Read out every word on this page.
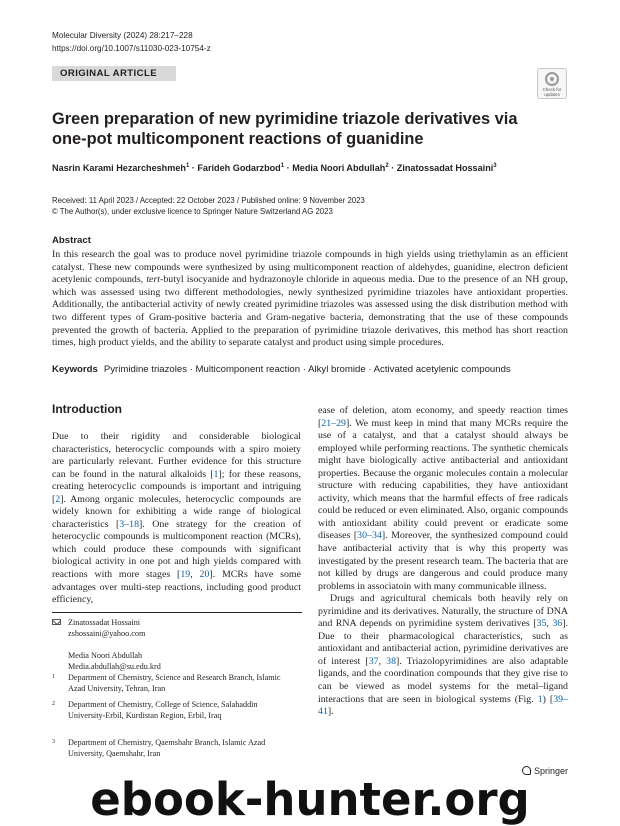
Molecular Diversity (2024) 28:217–228
https://doi.org/10.1007/s11030-023-10754-z
ORIGINAL ARTICLE
Check for
updates
Green preparation of new pyrimidine triazole derivatives via one-pot multicomponent reactions of guanidine
Nasrin Karami Hezarcheshmeh$^1$ · Farideh Godarzbod$^1$ · Media Noori Abdullah$^2$ · Zinatossadat Hossaini$^3$
Received: 11 April 2023 / Accepted: 22 October 2023 / Published online: 9 November 2023
© The Author(s), under exclusive licence to Springer Nature Switzerland AG 2023
Abstract
In this research the goal was to produce novel pyrimidine triazole compounds in high yields using triethylamin as an efficient catalyst. These new compounds were synthesized by using multicomponent reaction of aldehydes, guanidine, electron deficient acetylenic compounds, tert-butyl isocyanide and hydrazonoyle chloride in aqueous media. Due to the presence of an NH group, which was assessed using two different methodologies, newly synthesized pyrimidine triazoles have antioxidant properties. Additionally, the antibacterial activity of newly created pyrimidine triazoles was assessed using the disk distribution method with two different types of Gram-positive bacteria and Gram-negative bacteria, demonstrating that the use of these compounds prevented the growth of bacteria. Applied to the preparation of pyrimidine triazole derivatives, this method has short reaction times, high product yields, and the ability to separate catalyst and product using simple procedures.
Keywords Pyrimidine triazoles · Multicomponent reaction · Alkyl bromide · Activated acetylenic compounds
Introduction

Due to their rigidity and considerable biological characteristics, heterocyclic compounds with a spiro moiety are particularly relevant. Further evidence for this structure can be found in the natural alkaloids [1]; for these reasons, creating heterocyclic compounds is important and intriguing [2]. Among organic molecules, heterocyclic compounds are widely known for exhibiting a wide range of biological characteristics [3–18]. One strategy for the creation of heterocyclic compounds is multicomponent reaction (MCRs), which could produce these compounds with significant biological activity in one pot and high yields compared with reactions with more stages [19, 20]. MCRs have some advantages over multi-step reactions, including good product efficiency,

ease of deletion, atom economy, and speedy reaction times [21–29]. We must keep in mind that many MCRs require the use of a catalyst, and that a catalyst should always be employed while performing reactions. The synthetic chemicals might have biologically active antibacterial and antioxidant properties. Because the organic molecules contain a molecular structure with reducing capabilities, they have antioxidant activity, which means that the harmful effects of free radicals could be reduced or even eliminated. Also, organic compounds with antioxidant ability could prevent or eradicate some diseases [30–34]. Moreover, the synthesized compound could have antibacterial activity that is why this property was investigated by the present research team. The bacteria that are not killed by drugs are dangerous and could produce many problems in associatoin with many communicable illness.

Drugs and agricultural chemicals both heavily rely on pyrimidine and its derivatives. Naturally, the structure of DNA and RNA depends on pyrimidine system derivatives [35, 36]. Due to their pharmacological characteristics, such as antioxidant and antibacterial action, pyrimidine derivatives are of interest [37, 38]. Triazolopyrimidines are also adaptable ligands, and the coordination compounds that they give rise to can be viewed as model systems for the metal–ligand interactions that are seen in biological systems (Fig. 1) [39–41].

Zinatossadat Hossaini
zshossaini@yahoo.com
Media Noori Abdullah
Media.abdullah@su.edu.krd
1 Department of Chemistry, Science and Research Branch, Islamic Azad University, Tehran, Iran
2 Department of Chemistry, College of Science, Salahaddin University-Erbil, Kurdistan Region, Erbil, Iraq
3 Department of Chemistry, Qaemshahr Branch, Islamic Azad University, Qaemshahr, Iran
Springer
ebook-hunter.org
